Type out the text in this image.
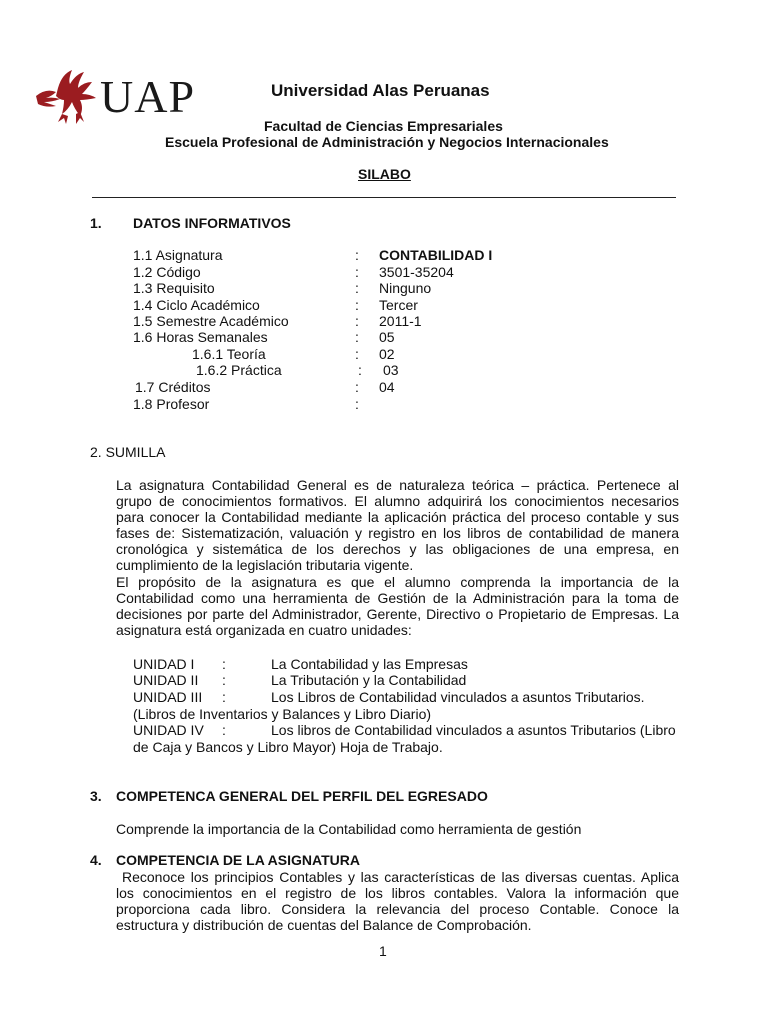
UAP	Universidad Alas Peruanas
Facultad de Ciencias Empresariales
Escuela Profesional de Administración y Negocios Internacionales
SILABO
1. DATOS INFORMATIVOS
1.1 Asignatura	: CONTABILIDAD I
1.2 Código	: 3501-35204
1.3 Requisito	: Ninguno
1.4 Ciclo Académico	: Tercer
1.5 Semestre Académico	: 2011-1
1.6 Horas Semanales	: 05
1.6.1 Teoría	: 02
1.6.2 Práctica	: 03
1.7 Créditos	: 04
1.8 Profesor	:
2. SUMILLA
La asignatura Contabilidad General es de naturaleza teórica – práctica. Pertenece al grupo de conocimientos formativos. El alumno adquirirá los conocimientos necesarios para conocer la Contabilidad mediante la aplicación práctica del proceso contable y sus fases de: Sistematización, valuación y registro en los libros de contabilidad de manera cronológica y sistemática de los derechos y las obligaciones de una empresa, en cumplimiento de la legislación tributaria vigente.
El propósito de la asignatura es que el alumno comprenda la importancia de la Contabilidad como una herramienta de Gestión de la Administración para la toma de decisiones por parte del Administrador, Gerente, Directivo o Propietario de Empresas. La asignatura está organizada en cuatro unidades:
UNIDAD I :	La Contabilidad y las Empresas
UNIDAD II :	La Tributación y la Contabilidad
UNIDAD III :	Los Libros de Contabilidad vinculados a asuntos Tributarios.
(Libros de Inventarios y Balances y Libro Diario)
UNIDAD IV :	Los libros de Contabilidad vinculados a asuntos Tributarios (Libro
de Caja y Bancos y Libro Mayor) Hoja de Trabajo.
3. COMPETENCA GENERAL DEL PERFIL DEL EGRESADO
Comprende la importancia de la Contabilidad como herramienta de gestión
4. COMPETENCIA DE LA ASIGNATURA
Reconoce los principios Contables y las características de las diversas cuentas. Aplica los conocimientos en el registro de los libros contables. Valora la información que proporciona cada libro. Considera la relevancia del proceso Contable. Conoce la estructura y distribución de cuentas del Balance de Comprobación.
1
